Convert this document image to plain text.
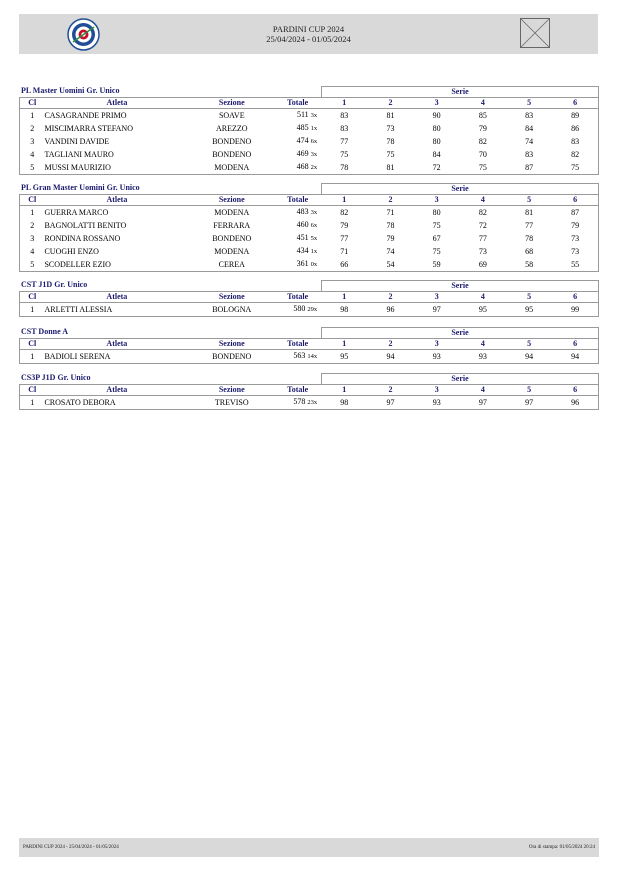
PARDINI CUP 2024
25/04/2024 - 01/05/2024
PL Master Uomini Gr. Unico	Serie
Cl	Atleta	Sezione	Totale	1	2	3	4	5	6
1	CASAGRANDE PRIMO	SOAVE	511 3x	83	81	90	85	83	89
2	MISCIMARRA STEFANO	AREZZO	485 1x	83	73	80	79	84	86
3	VANDINI DAVIDE	BONDENO	474 6x	77	78	80	82	74	83
4	TAGLIANI MAURO	BONDENO	469 3x	75	75	84	70	83	82
5	MUSSI MAURIZIO	MODENA	468 2x	78	81	72	75	87	75
PL Gran Master Uomini Gr. Unico	Serie
Cl	Atleta	Sezione	Totale	1	2	3	4	5	6
1	GUERRA MARCO	MODENA	483 3x	82	71	80	82	81	87
2	BAGNOLATTI BENITO	FERRARA	460 6x	79	78	75	72	77	79
3	RONDINA ROSSANO	BONDENO	451 5x	77	79	67	77	78	73
4	CUOGHI ENZO	MODENA	434 1x	71	74	75	73	68	73
5	SCODELLER EZIO	CEREA	361 0x	66	54	59	69	58	55
CST J1D Gr. Unico	Serie
Cl	Atleta	Sezione	Totale	1	2	3	4	5	6
1	ARLETTI ALESSIA	BOLOGNA	580 29x	98	96	97	95	95	99
CST Donne A	Serie
Cl	Atleta	Sezione	Totale	1	2	3	4	5	6
1	BADIOLI SERENA	BONDENO	563 14x	95	94	93	93	94	94
CS3P J1D Gr. Unico	Serie
Cl	Atleta	Sezione	Totale	1	2	3	4	5	6
1	CROSATO DEBORA	TREVISO	578 23x	98	97	93	97	97	96
PARDINI CUP 2024 - 25/04/2024 - 01/05/2024	Ora di stampa: 01/05/2024 20:24
